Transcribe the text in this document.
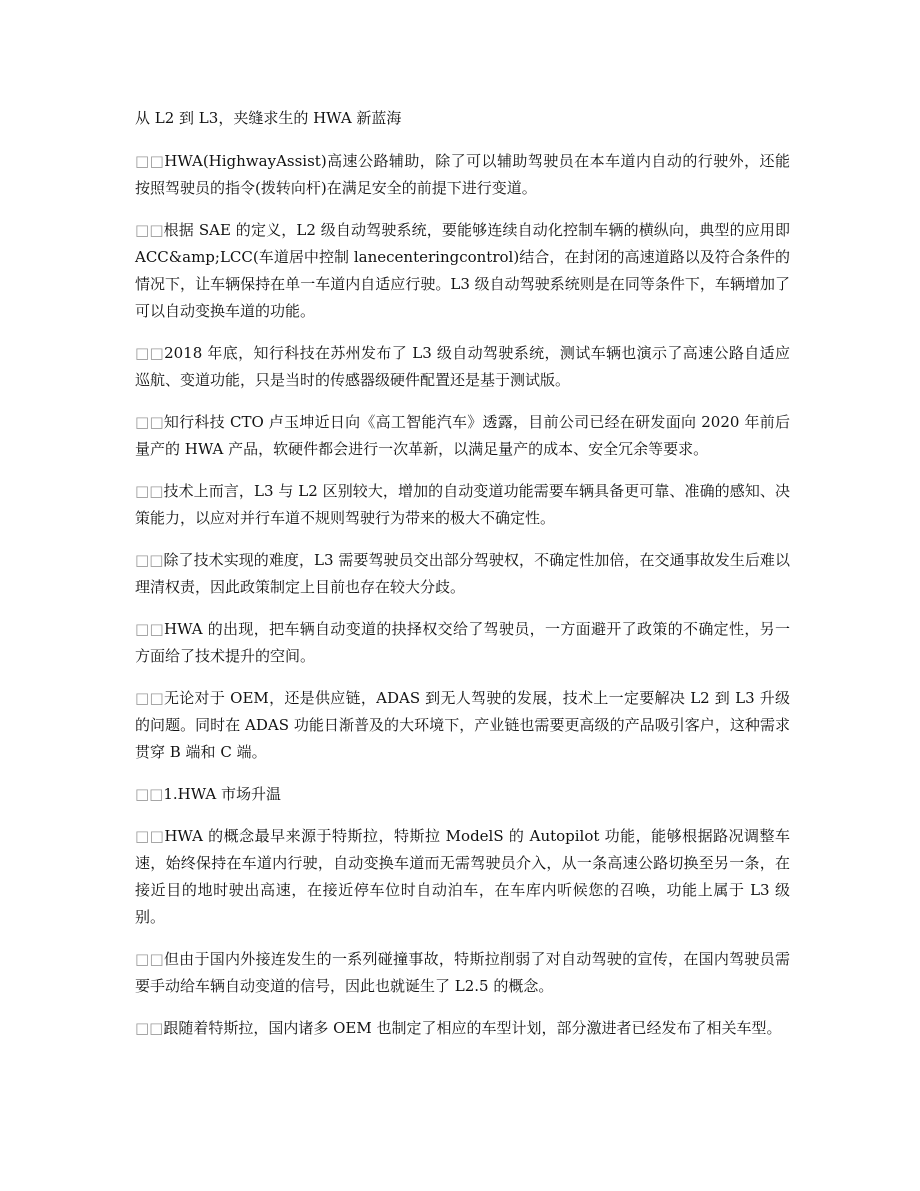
从 L2 到 L3，夹缝求生的 HWA 新蓝海

□□HWA(HighwayAssist)高速公路辅助，除了可以辅助驾驶员在本车道内自动的行驶外，还能按照驾驶员的指令(拨转向杆)在满足安全的前提下进行变道。

□□根据 SAE 的定义，L2 级自动驾驶系统，要能够连续自动化控制车辆的横纵向，典型的应用即 ACC&amp;LCC(车道居中控制 lanecenteringcontrol)结合，在封闭的高速道路以及符合条件的情况下，让车辆保持在单一车道内自适应行驶。L3 级自动驾驶系统则是在同等条件下，车辆增加了可以自动变换车道的功能。

□□2018 年底，知行科技在苏州发布了 L3 级自动驾驶系统，测试车辆也演示了高速公路自适应巡航、变道功能，只是当时的传感器级硬件配置还是基于测试版。

□□知行科技 CTO 卢玉坤近日向《高工智能汽车》透露，目前公司已经在研发面向 2020 年前后量产的 HWA 产品，软硬件都会进行一次革新，以满足量产的成本、安全冗余等要求。

□□技术上而言，L3 与 L2 区别较大，增加的自动变道功能需要车辆具备更可靠、准确的感知、决策能力，以应对并行车道不规则驾驶行为带来的极大不确定性。

□□除了技术实现的难度，L3 需要驾驶员交出部分驾驶权，不确定性加倍，在交通事故发生后难以理清权责，因此政策制定上目前也存在较大分歧。

□□HWA 的出现，把车辆自动变道的抉择权交给了驾驶员，一方面避开了政策的不确定性，另一方面给了技术提升的空间。

□□无论对于 OEM，还是供应链，ADAS 到无人驾驶的发展，技术上一定要解决 L2 到 L3 升级的问题。同时在 ADAS 功能日渐普及的大环境下，产业链也需要更高级的产品吸引客户，这种需求贯穿 B 端和 C 端。

□□1.HWA 市场升温

□□HWA 的概念最早来源于特斯拉，特斯拉 ModelS 的 Autopilot 功能，能够根据路况调整车速，始终保持在车道内行驶，自动变换车道而无需驾驶员介入，从一条高速公路切换至另一条，在接近目的地时驶出高速，在接近停车位时自动泊车，在车库内听候您的召唤，功能上属于 L3 级别。

□□但由于国内外接连发生的一系列碰撞事故，特斯拉削弱了对自动驾驶的宣传，在国内驾驶员需要手动给车辆自动变道的信号，因此也就诞生了 L2.5 的概念。

□□跟随着特斯拉，国内诸多 OEM 也制定了相应的车型计划，部分激进者已经发布了相关车型。
